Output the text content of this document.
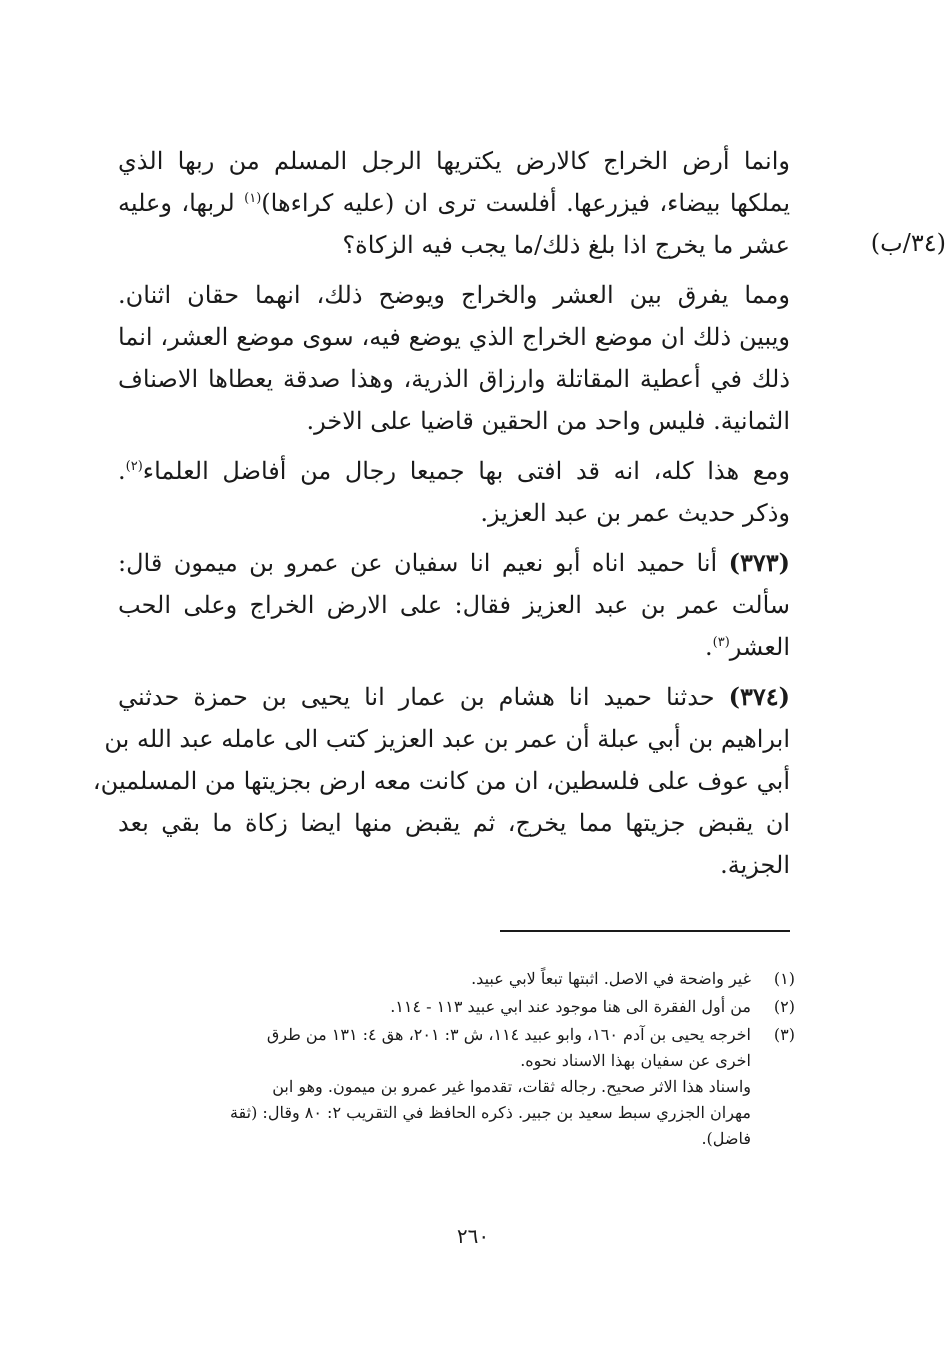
(٣٤/ب)
وانما أرض الخراج كالارض يكتريها الرجل المسلم من ربها الذي
يملكها بيضاء، فيزرعها. أفلست ترى ان (عليه كراءها)$^{(١)}$ لربها، وعليه
عشر ما يخرج اذا بلغ ذلك/ما يجب فيه الزكاة؟
ومما يفرق بين العشر والخراج ويوضح ذلك، انهما حقان اثنان.
ويبين ذلك ان موضع الخراج الذي يوضع فيه، سوى موضع العشر، انما
ذلك في أعطية المقاتلة وارزاق الذرية، وهذا صدقة يعطاها الاصناف
الثمانية. فليس واحد من الحقين قاضيا على الاخر.
ومع هذا كله، انه قد افتى بها جميعا رجال من أفاضل العلماء$^{(٢)}$.
وذكر حديث عمر بن عبد العزيز.
(٣٧٣) أنا حميد اناه أبو نعيم انا سفيان عن عمرو بن ميمون قال:
سألت عمر بن عبد العزيز فقال: على الارض الخراج وعلى الحب
العشر$^{(٣)}$.
(٣٧٤) حدثنا حميد انا هشام بن عمار انا يحيى بن حمزة حدثني
ابراهيم بن أبي عبلة أن عمر بن عبد العزيز كتب الى عامله عبد الله بن
أبي عوف على فلسطين، ان من كانت معه ارض بجزيتها من المسلمين،
ان يقبض جزيتها مما يخرج، ثم يقبض منها ايضا زكاة ما بقي بعد
الجزية.
(١)
غير واضحة في الاصل. اثبتها تبعاً لابي عبيد.
(٢)
من أول الفقرة الى هنا موجود عند ابي عبيد ١١٣ - ١١٤.
(٣)
اخرجه يحيى بن آدم ١٦٠، وابو عبيد ١١٤، ش ٣: ٢٠١، هق ٤: ١٣١ من طرق
اخرى عن سفيان بهذا الاسناد نحوه.
واسناد هذا الاثر صحيح. رجاله ثقات، تقدموا غير عمرو بن ميمون. وهو ابن
مهران الجزري سبط سعيد بن جبير. ذكره الحافظ في التقريب ٢: ٨٠ وقال: (ثقة
فاضل).
٢٦٠
